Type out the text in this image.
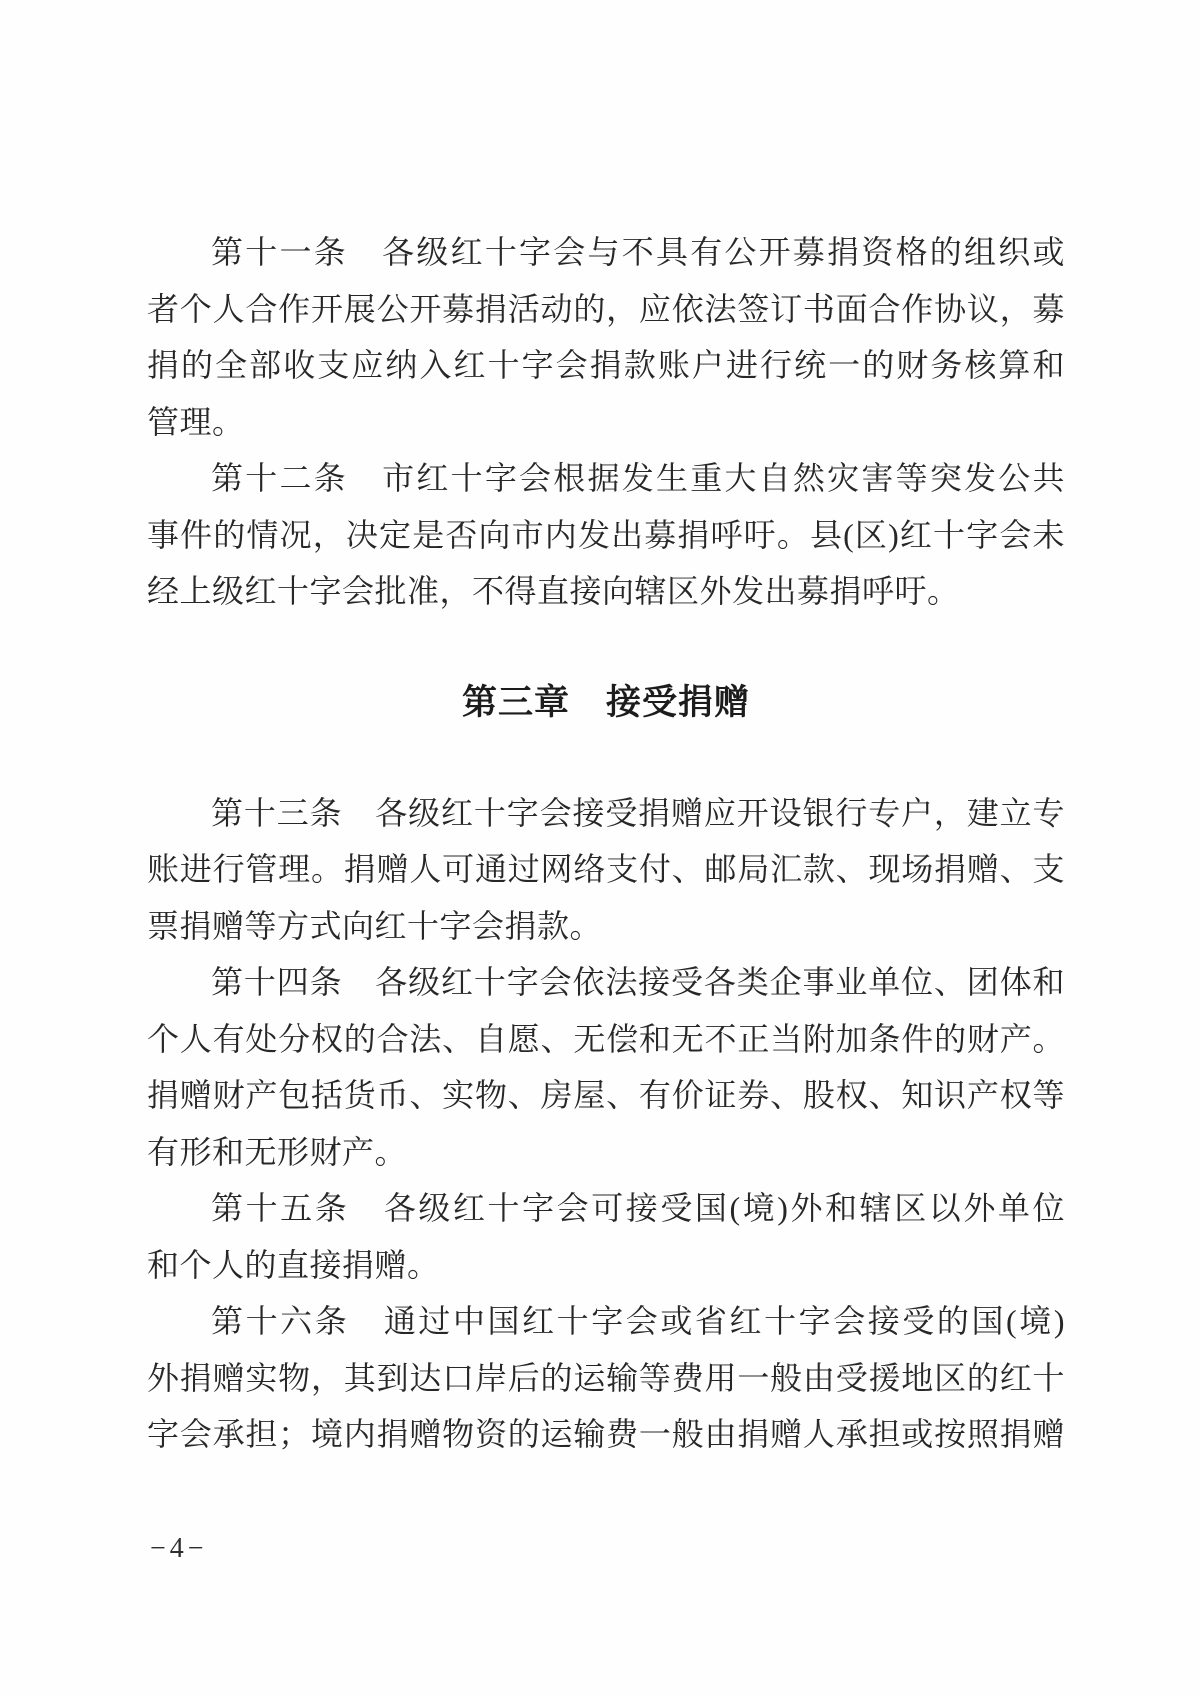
第十一条　各级红十字会与不具有公开募捐资格的组织或
者个人合作开展公开募捐活动的，应依法签订书面合作协议，募
捐的全部收支应纳入红十字会捐款账户进行统一的财务核算和
管理。
第十二条　市红十字会根据发生重大自然灾害等突发公共
事件的情况，决定是否向市内发出募捐呼吁。县(区)红十字会未
经上级红十字会批准，不得直接向辖区外发出募捐呼吁。
第三章　接受捐赠
第十三条　各级红十字会接受捐赠应开设银行专户，建立专
账进行管理。捐赠人可通过网络支付、邮局汇款、现场捐赠、支
票捐赠等方式向红十字会捐款。
第十四条　各级红十字会依法接受各类企事业单位、团体和
个人有处分权的合法、自愿、无偿和无不正当附加条件的财产。
捐赠财产包括货币、实物、房屋、有价证券、股权、知识产权等
有形和无形财产。
第十五条　各级红十字会可接受国(境)外和辖区以外单位
和个人的直接捐赠。
第十六条　通过中国红十字会或省红十字会接受的国(境)
外捐赠实物，其到达口岸后的运输等费用一般由受援地区的红十
字会承担；境内捐赠物资的运输费一般由捐赠人承担或按照捐赠
−4−
